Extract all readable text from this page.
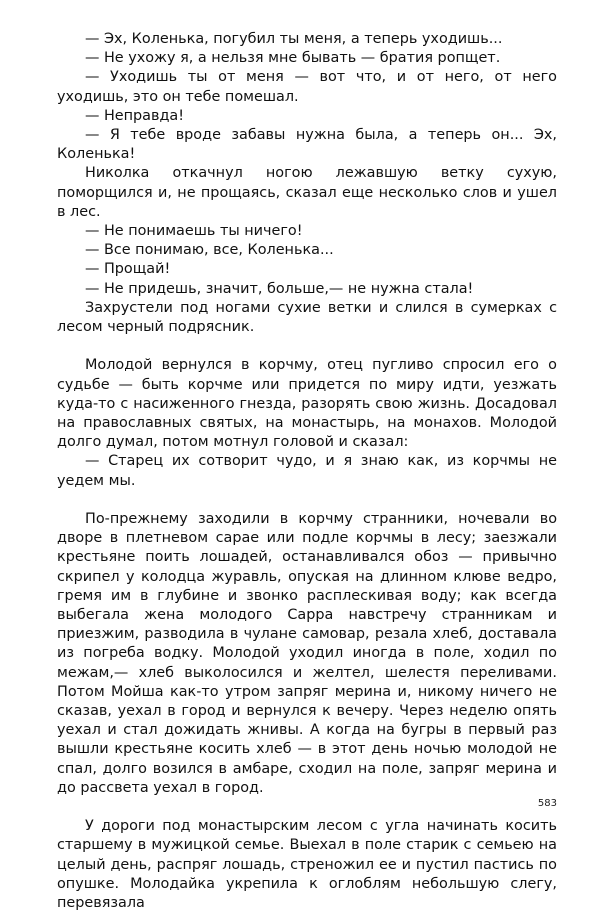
— Эх, Коленька, погубил ты меня, а теперь уходишь...

— Не ухожу я, а нельзя мне бывать — братия ропщет.

— Уходишь ты от меня — вот что, и от него, от него уходишь, это он тебе помешал.

— Неправда!

— Я тебе вроде забавы нужна была, а теперь он... Эх, Коленька!

Николка откачнул ногою лежавшую ветку сухую, поморщился и, не прощаясь, сказал еще несколько слов и ушел в лес.

— Не понимаешь ты ничего!

— Все понимаю, все, Коленька...

— Прощай!

— Не придешь, значит, больше,— не нужна стала!

Захрустели под ногами сухие ветки и слился в сумерках с лесом черный подрясник.

Молодой вернулся в корчму, отец пугливо спросил его о судьбе — быть корчме или придется по миру идти, уезжать куда-то с насиженного гнезда, разорять свою жизнь. Досадовал на православных святых, на монастырь, на монахов. Молодой долго думал, потом мотнул головой и сказал:

— Старец их сотворит чудо, и я знаю как, из корчмы не уедем мы.

По-прежнему заходили в корчму странники, ночевали во дворе в плетневом сарае или подле корчмы в лесу; заезжали крестьяне поить лошадей, останавливался обоз — привычно скрипел у колодца журавль, опуская на длинном клюве ведро, гремя им в глубине и звонко расплескивая воду; как всегда выбегала жена молодого Сарра навстречу странникам и приезжим, разводила в чулане самовар, резала хлеб, доставала из погреба водку. Молодой уходил иногда в поле, ходил по межам,— хлеб выколосился и желтел, шелестя переливами. Потом Мойша как-то утром запряг мерина и, никому ничего не сказав, уехал в город и вернулся к вечеру. Через неделю опять уехал и стал дожидать жнивы. А когда на бугры в первый раз вышли крестьяне косить хлеб — в этот день ночью молодой не спал, долго возился в амбаре, сходил на поле, запряг мерина и до рассвета уехал в город.

У дороги под монастырским лесом с угла начинать косить старшему в мужицкой семье. Выехал в поле старик с семьею на целый день, распряг лошадь, стреножил ее и пустил пастись по опушке. Молодайка укрепила к оглоблям небольшую слегу, перевязала

583
